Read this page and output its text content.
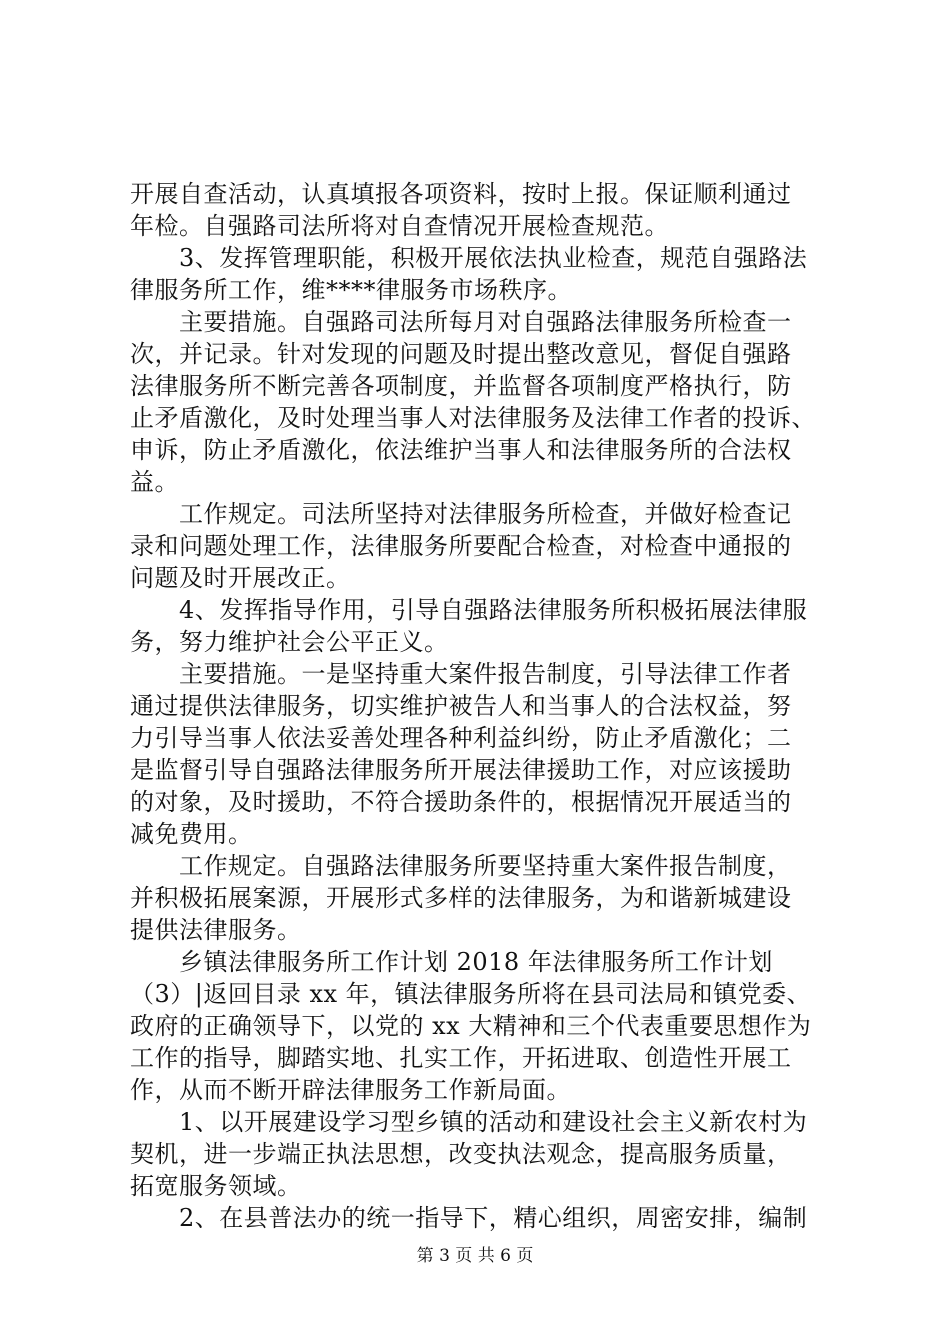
开展自查活动，认真填报各项资料，按时上报。保证顺利通过
年检。自强路司法所将对自查情况开展检查规范。
　　3、发挥管理职能，积极开展依法执业检查，规范自强路法
律服务所工作，维****律服务市场秩序。
　　主要措施。自强路司法所每月对自强路法律服务所检查一
次，并记录。针对发现的问题及时提出整改意见，督促自强路
法律服务所不断完善各项制度，并监督各项制度严格执行，防
止矛盾激化，及时处理当事人对法律服务及法律工作者的投诉、
申诉，防止矛盾激化，依法维护当事人和法律服务所的合法权
益。
　　工作规定。司法所坚持对法律服务所检查，并做好检查记
录和问题处理工作，法律服务所要配合检查，对检查中通报的
问题及时开展改正。
　　4、发挥指导作用，引导自强路法律服务所积极拓展法律服
务，努力维护社会公平正义。
　　主要措施。一是坚持重大案件报告制度，引导法律工作者
通过提供法律服务，切实维护被告人和当事人的合法权益，努
力引导当事人依法妥善处理各种利益纠纷，防止矛盾激化；二
是监督引导自强路法律服务所开展法律援助工作，对应该援助
的对象，及时援助，不符合援助条件的，根据情况开展适当的
减免费用。
　　工作规定。自强路法律服务所要坚持重大案件报告制度，
并积极拓展案源，开展形式多样的法律服务，为和谐新城建设
提供法律服务。
　　乡镇法律服务所工作计划 2018 年法律服务所工作计划
（3）|返回目录 xx 年，镇法律服务所将在县司法局和镇党委、
政府的正确领导下，以党的 xx 大精神和三个代表重要思想作为
工作的指导，脚踏实地、扎实工作，开拓进取、创造性开展工
作，从而不断开辟法律服务工作新局面。
　　1、以开展建设学习型乡镇的活动和建设社会主义新农村为
契机，进一步端正执法思想，改变执法观念，提高服务质量，
拓宽服务领域。
　　2、在县普法办的统一指导下，精心组织，周密安排，编制
第 3 页 共 6 页
